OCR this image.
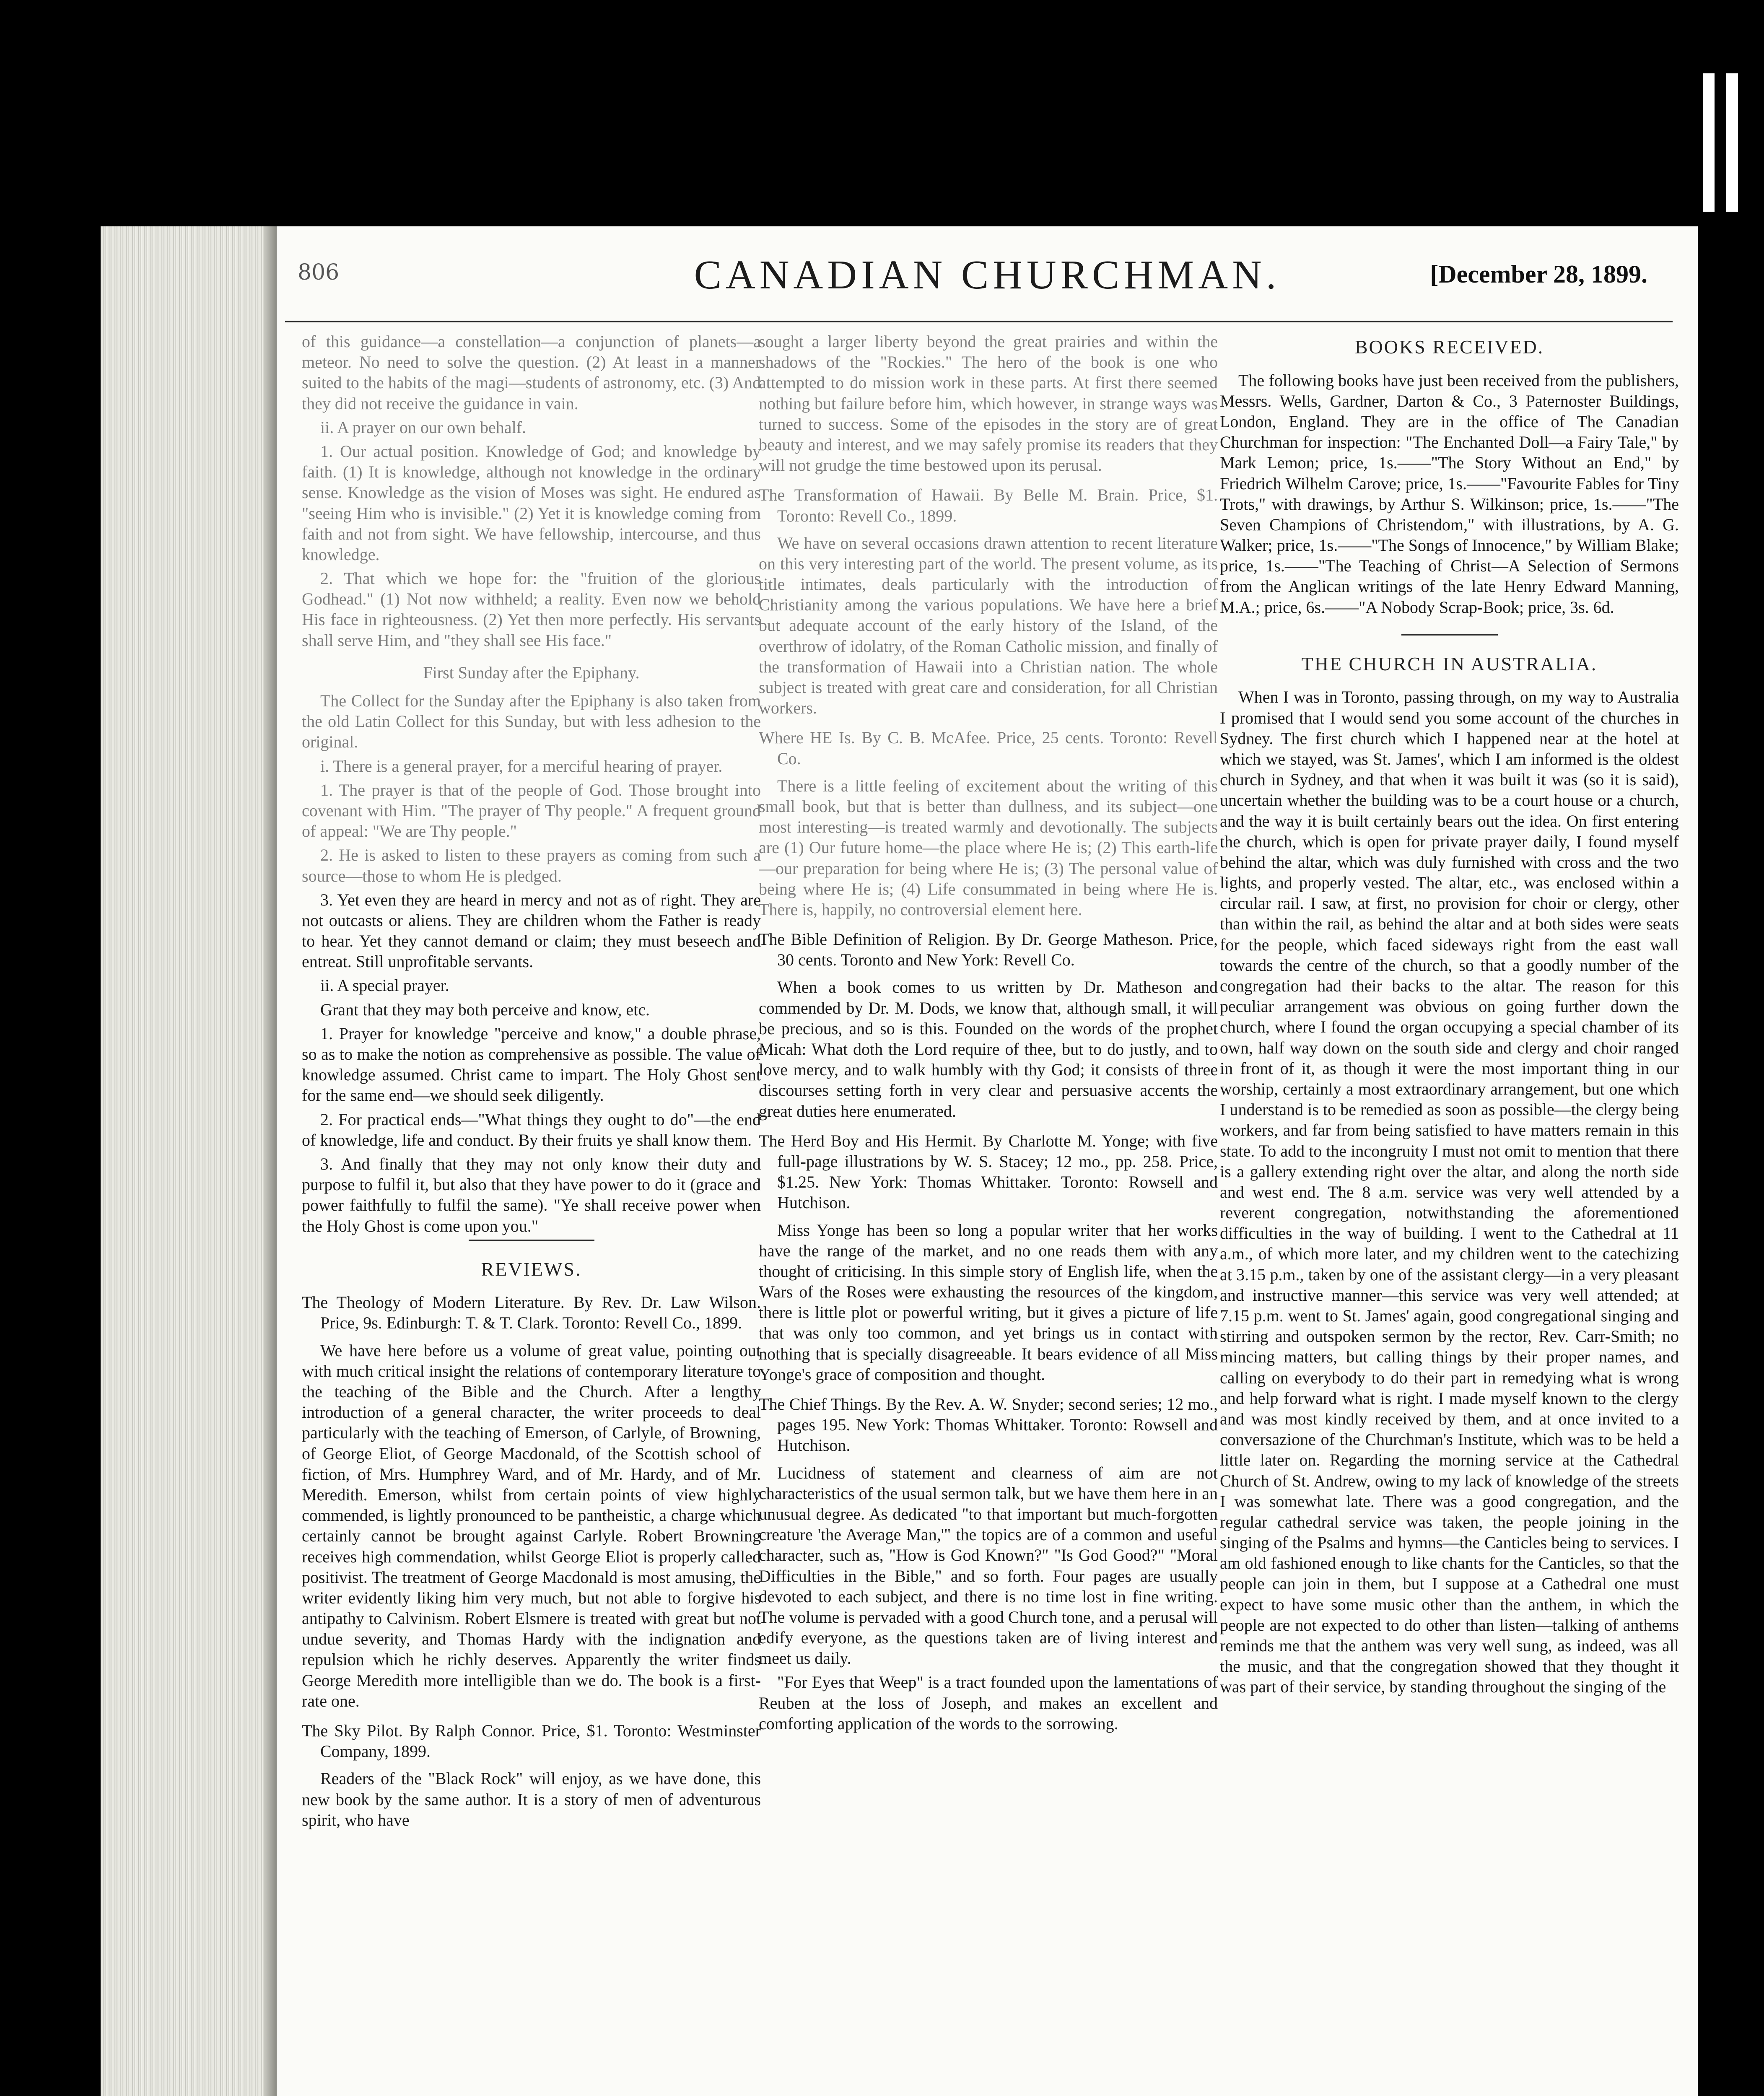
806	CANADIAN CHURCHMAN.	[December 28, 1899.

of this guidance—a constellation—a conjunction of planets—a meteor. No need to solve the question. (2) At least in a manner suited to the habits of the magi—students of astronomy, etc. (3) And they did not receive the guidance in vain.

ii. A prayer on our own behalf.

1. Our actual position. Knowledge of God; and knowledge by faith. (1) It is knowledge, although not knowledge in the ordinary sense. Knowledge as the vision of Moses was sight. He endured as "seeing Him who is invisible." (2) Yet it is knowledge coming from faith and not from sight. We have fellowship, intercourse, and thus knowledge.

2. That which we hope for: the "fruition of the glorious Godhead." (1) Not now withheld; a reality. Even now we behold His face in righteousness. (2) Yet then more perfectly. His servants shall serve Him, and "they shall see His face."

First Sunday after the Epiphany.

The Collect for the Sunday after the Epiphany is also taken from the old Latin Collect for this Sunday, but with less adhesion to the original.

i. There is a general prayer, for a merciful hearing of prayer.

1. The prayer is that of the people of God. Those brought into covenant with Him. "The prayer of Thy people." A frequent ground of appeal: "We are Thy people."

2. He is asked to listen to these prayers as coming from such a source—those to whom He is pledged.

3. Yet even they are heard in mercy and not as of right. They are not outcasts or aliens. They are children whom the Father is ready to hear. Yet they cannot demand or claim; they must beseech and entreat. Still unprofitable servants.

ii. A special prayer.

Grant that they may both perceive and know, etc.

1. Prayer for knowledge "perceive and know," a double phrase, so as to make the notion as comprehensive as possible. The value of knowledge assumed. Christ came to impart. The Holy Ghost sent for the same end—we should seek diligently.

2. For practical ends—"What things they ought to do"—the end of knowledge, life and conduct. By their fruits ye shall know them.

3. And finally that they may not only know their duty and purpose to fulfil it, but also that they have power to do it (grace and power faithfully to fulfil the same). "Ye shall receive power when the Holy Ghost is come upon you."

REVIEWS.

The Theology of Modern Literature. By Rev. Dr. Law Wilson. Price, 9s. Edinburgh: T. & T. Clark. Toronto: Revell Co., 1899.

We have here before us a volume of great value, pointing out with much critical insight the relations of contemporary literature to the teaching of the Bible and the Church. After a lengthy introduction of a general character, the writer proceeds to deal particularly with the teaching of Emerson, of Carlyle, of Browning, of George Eliot, of George Macdonald, of the Scottish school of fiction, of Mrs. Humphrey Ward, and of Mr. Hardy, and of Mr. Meredith. Emerson, whilst from certain points of view highly commended, is lightly pronounced to be pantheistic, a charge which certainly cannot be brought against Carlyle. Robert Browning receives high commendation, whilst George Eliot is properly called positivist. The treatment of George Macdonald is most amusing, the writer evidently liking him very much, but not able to forgive his antipathy to Calvinism. Robert Elsmere is treated with great but not undue severity, and Thomas Hardy with the indignation and repulsion which he richly deserves. Apparently the writer finds George Meredith more intelligible than we do. The book is a first-rate one.

The Sky Pilot. By Ralph Connor. Price, $1. Toronto: Westminster Company, 1899.

Readers of the "Black Rock" will enjoy, as we have done, this new book by the same author. It is a story of men of adventurous spirit, who have

sought a larger liberty beyond the great prairies and within the shadows of the "Rockies." The hero of the book is one who attempted to do mission work in these parts. At first there seemed nothing but failure before him, which however, in strange ways was turned to success. Some of the episodes in the story are of great beauty and interest, and we may safely promise its readers that they will not grudge the time bestowed upon its perusal.

The Transformation of Hawaii. By Belle M. Brain. Price, $1. Toronto: Revell Co., 1899.

We have on several occasions drawn attention to recent literature on this very interesting part of the world. The present volume, as its title intimates, deals particularly with the introduction of Christianity among the various populations. We have here a brief but adequate account of the early history of the Island, of the overthrow of idolatry, of the Roman Catholic mission, and finally of the transformation of Hawaii into a Christian nation. The whole subject is treated with great care and consideration, for all Christian workers.

Where HE Is. By C. B. McAfee. Price, 25 cents. Toronto: Revell Co.

There is a little feeling of excitement about the writing of this small book, but that is better than dullness, and its subject—one most interesting—is treated warmly and devotionally. The subjects are (1) Our future home—the place where He is; (2) This earth-life—our preparation for being where He is; (3) The personal value of being where He is; (4) Life consummated in being where He is. There is, happily, no controversial element here.

The Bible Definition of Religion. By Dr. George Matheson. Price, 30 cents. Toronto and New York: Revell Co.

When a book comes to us written by Dr. Matheson and commended by Dr. M. Dods, we know that, although small, it will be precious, and so is this. Founded on the words of the prophet Micah: What doth the Lord require of thee, but to do justly, and to love mercy, and to walk humbly with thy God; it consists of three discourses setting forth in very clear and persuasive accents the great duties here enumerated.

The Herd Boy and His Hermit. By Charlotte M. Yonge; with five full-page illustrations by W. S. Stacey; 12 mo., pp. 258. Price, $1.25. New York: Thomas Whittaker. Toronto: Rowsell and Hutchison.

Miss Yonge has been so long a popular writer that her works have the range of the market, and no one reads them with any thought of criticising. In this simple story of English life, when the Wars of the Roses were exhausting the resources of the kingdom, there is little plot or powerful writing, but it gives a picture of life that was only too common, and yet brings us in contact with nothing that is specially disagreeable. It bears evidence of all Miss Yonge's grace of composition and thought.

The Chief Things. By the Rev. A. W. Snyder; second series; 12 mo., pages 195. New York: Thomas Whittaker. Toronto: Rowsell and Hutchison.

Lucidness of statement and clearness of aim are not characteristics of the usual sermon talk, but we have them here in an unusual degree. As dedicated "to that important but much-forgotten creature 'the Average Man,'" the topics are of a common and useful character, such as, "How is God Known?" "Is God Good?" "Moral Difficulties in the Bible," and so forth. Four pages are usually devoted to each subject, and there is no time lost in fine writing. The volume is pervaded with a good Church tone, and a perusal will edify everyone, as the questions taken are of living interest and meet us daily.

"For Eyes that Weep" is a tract founded upon the lamentations of Reuben at the loss of Joseph, and makes an excellent and comforting application of the words to the sorrowing.

BOOKS RECEIVED.

The following books have just been received from the publishers, Messrs. Wells, Gardner, Darton & Co., 3 Paternoster Buildings, London, England. They are in the office of The Canadian Churchman for inspection: "The Enchanted Doll—a Fairy Tale," by Mark Lemon; price, 1s.——"The Story Without an End," by Friedrich Wilhelm Carove; price, 1s.——"Favourite Fables for Tiny Trots," with drawings, by Arthur S. Wilkinson; price, 1s.——"The Seven Champions of Christendom," with illustrations, by A. G. Walker; price, 1s.——"The Songs of Innocence," by William Blake; price, 1s.——"The Teaching of Christ—A Selection of Sermons from the Anglican writings of the late Henry Edward Manning, M.A.; price, 6s.——"A Nobody Scrap-Book; price, 3s. 6d.

THE CHURCH IN AUSTRALIA.

When I was in Toronto, passing through, on my way to Australia I promised that I would send you some account of the churches in Sydney. The first church which I happened near at the hotel at which we stayed, was St. James', which I am informed is the oldest church in Sydney, and that when it was built it was (so it is said), uncertain whether the building was to be a court house or a church, and the way it is built certainly bears out the idea. On first entering the church, which is open for private prayer daily, I found myself behind the altar, which was duly furnished with cross and the two lights, and properly vested. The altar, etc., was enclosed within a circular rail. I saw, at first, no provision for choir or clergy, other than within the rail, as behind the altar and at both sides were seats for the people, which faced sideways right from the east wall towards the centre of the church, so that a goodly number of the congregation had their backs to the altar. The reason for this peculiar arrangement was obvious on going further down the church, where I found the organ occupying a special chamber of its own, half way down on the south side and clergy and choir ranged in front of it, as though it were the most important thing in our worship, certainly a most extraordinary arrangement, but one which I understand is to be remedied as soon as possible—the clergy being workers, and far from being satisfied to have matters remain in this state. To add to the incongruity I must not omit to mention that there is a gallery extending right over the altar, and along the north side and west end. The 8 a.m. service was very well attended by a reverent congregation, notwithstanding the aforementioned difficulties in the way of building. I went to the Cathedral at 11 a.m., of which more later, and my children went to the catechizing at 3.15 p.m., taken by one of the assistant clergy—in a very pleasant and instructive manner—this service was very well attended; at 7.15 p.m. went to St. James' again, good congregational singing and stirring and outspoken sermon by the rector, Rev. Carr-Smith; no mincing matters, but calling things by their proper names, and calling on everybody to do their part in remedying what is wrong and help forward what is right. I made myself known to the clergy and was most kindly received by them, and at once invited to a conversazione of the Churchman's Institute, which was to be held a little later on. Regarding the morning service at the Cathedral Church of St. Andrew, owing to my lack of knowledge of the streets I was somewhat late. There was a good congregation, and the regular cathedral service was taken, the people joining in the singing of the Psalms and hymns—the Canticles being to services. I am old fashioned enough to like chants for the Canticles, so that the people can join in them, but I suppose at a Cathedral one must expect to have some music other than the anthem, in which the people are not expected to do other than listen—talking of anthems reminds me that the anthem was very well sung, as indeed, was all the music, and that the congregation showed that they thought it was part of their service, by standing throughout the singing of the
